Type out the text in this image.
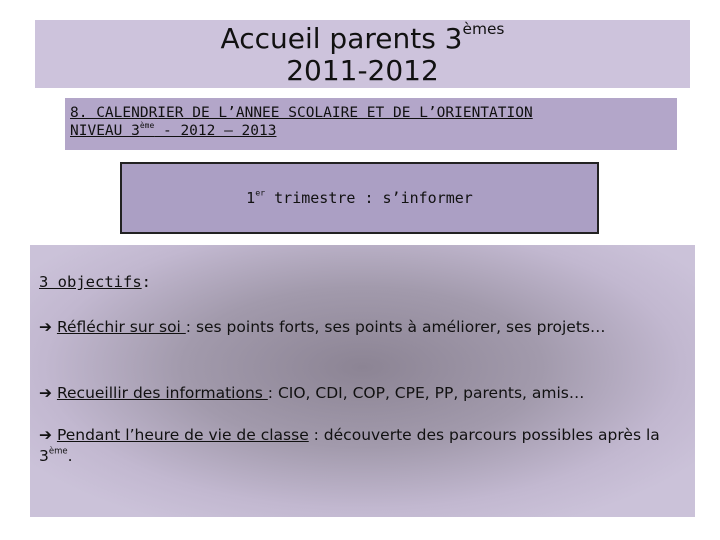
Accueil parents 3èmes
2011-2012
8. CALENDRIER DE L’ANNEE SCOLAIRE ET DE L’ORIENTATION
NIVEAU 3ème - 2012 – 2013
1er trimestre : s’informer
3 objectifs:
➔ Réfléchir sur soi : ses points forts, ses points à améliorer, ses projets…
➔ Recueillir des informations : CIO, CDI, COP, CPE, PP, parents, amis…
➔ Pendant l’heure de vie de classe : découverte des parcours possibles après la 3ème.
